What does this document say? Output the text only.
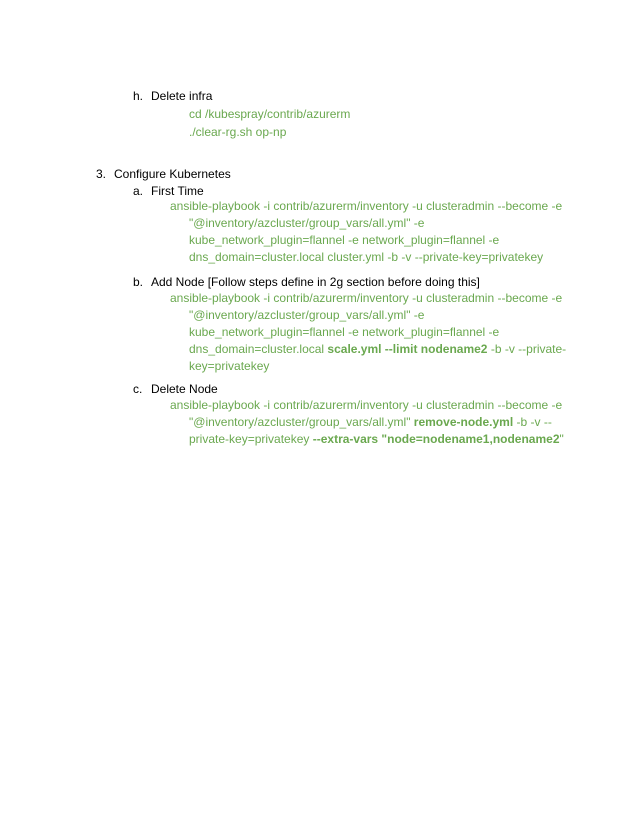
h. Delete infra
cd /kubespray/contrib/azurerm
./clear-rg.sh op-np
3. Configure Kubernetes
a. First Time
ansible-playbook -i contrib/azurerm/inventory -u clusteradmin --become -e
"@inventory/azcluster/group_vars/all.yml" -e
kube_network_plugin=flannel -e network_plugin=flannel -e
dns_domain=cluster.local cluster.yml -b -v --private-key=privatekey
b. Add Node [Follow steps define in 2g section before doing this]
ansible-playbook -i contrib/azurerm/inventory -u clusteradmin --become -e
"@inventory/azcluster/group_vars/all.yml" -e
kube_network_plugin=flannel -e network_plugin=flannel -e
dns_domain=cluster.local scale.yml --limit nodename2 -b -v --private-
key=privatekey
c. Delete Node
ansible-playbook -i contrib/azurerm/inventory -u clusteradmin --become -e
"@inventory/azcluster/group_vars/all.yml" remove-node.yml -b -v --
private-key=privatekey --extra-vars "node=nodename1,nodename2"
